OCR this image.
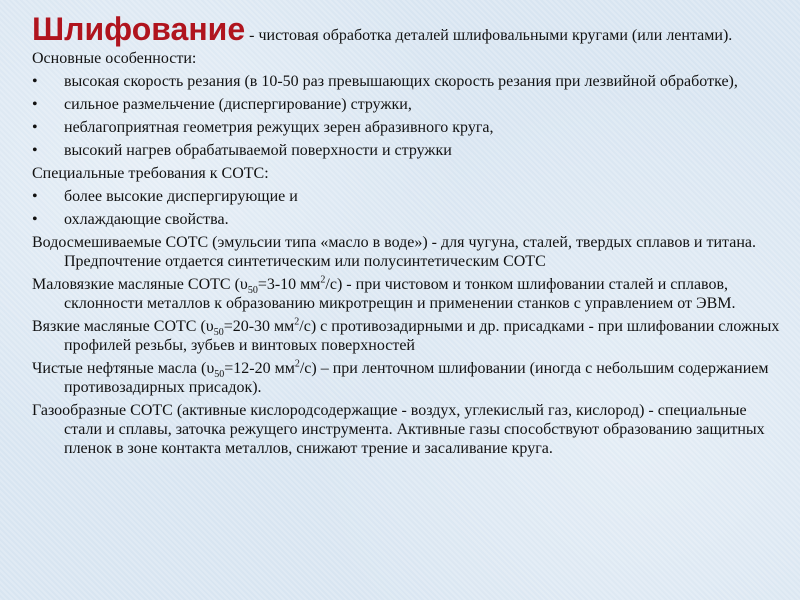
Шлифование - чистовая обработка деталей шлифовальными кругами (или лентами).

Основные особенности:

• высокая скорость резания (в 10-50 раз превышающих скорость резания при лезвийной обработке),

• сильное размельчение (диспергирование) стружки,

• неблагоприятная геометрия режущих зерен абразивного круга,

• высокий нагрев обрабатываемой поверхности и стружки

Специальные требования к СОТС:

• более высокие диспергирующие и

• охлаждающие свойства.

Водосмешиваемые СОТС (эмульсии типа «масло в воде») - для чугуна, сталей, твердых сплавов и титана. Предпочтение отдается синтетическим или полусинтетическим СОТС

Маловязкие масляные СОТС ($\upsilon_{50}=3-10$ $мм^2/с$) - при чистовом и тонком шлифовании сталей и сплавов, склонности металлов к образованию микротрещин и применении станков с управлением от ЭВМ.

Вязкие масляные СОТС ($\upsilon_{50}=20-30$ $мм^2/с$) с противозадирными и др. присадками - при шлифовании сложных профилей резьбы, зубьев и винтовых поверхностей

Чистые нефтяные масла ($\upsilon_{50}=12-20$ $мм^2/с$) – при ленточном шлифовании (иногда с небольшим содержанием противозадирных присадок).

Газообразные СОТС (активные кислородсодержащие - воздух, углекислый газ, кислород) - специальные стали и сплавы, заточка режущего инструмента. Активные газы способствуют образованию защитных пленок в зоне контакта металлов, снижают трение и засаливание круга.
